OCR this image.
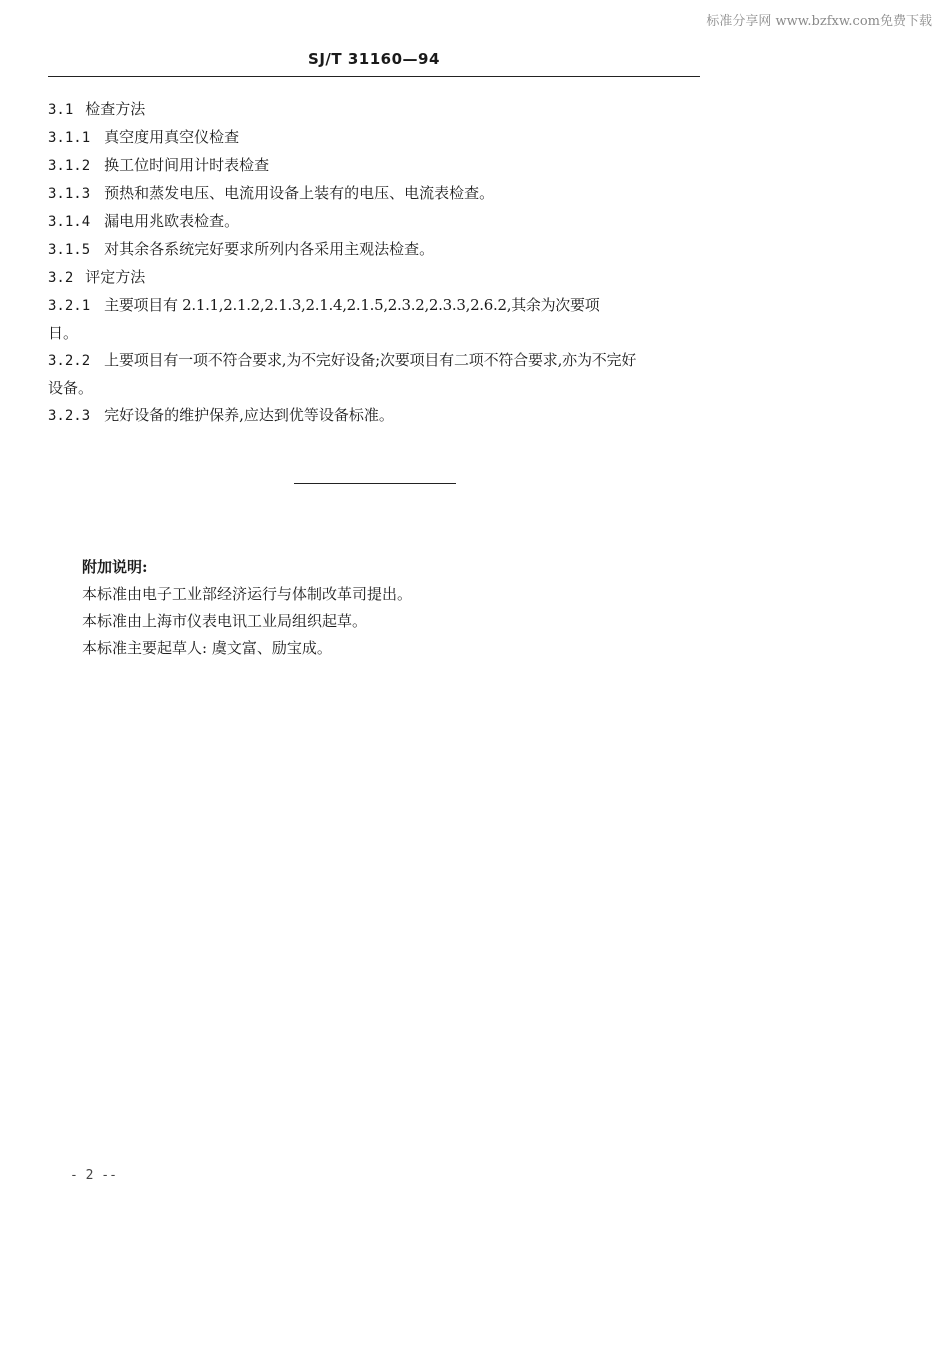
标准分享网 www.bzfxw.com免费下载
SJ/T 31160—94
3.1 检查方法
3.1.1 真空度用真空仪检查
3.1.2 换工位时间用计时表检查
3.1.3 预热和蒸发电压、电流用设备上装有的电压、电流表检查。
3.1.4 漏电用兆欧表检查。
3.1.5 对其余各系统完好要求所列内各采用主观法检查。
3.2 评定方法
3.2.1 主要项目有 2.1.1,2.1.2,2.1.3,2.1.4,2.1.5,2.3.2,2.3.3,2.6.2,其余为次要项
日。
3.2.2 上要项目有一项不符合要求,为不完好设备;次要项目有二项不符合要求,亦为不完好
设备。
3.2.3 完好设备的维护保养,应达到优等设备标准。
附加说明:
本标准由电子工业部经济运行与体制改革司提出。
本标准由上海市仪表电讯工业局组织起草。
本标准主要起草人: 虞文富、励宝成。
- 2 --
